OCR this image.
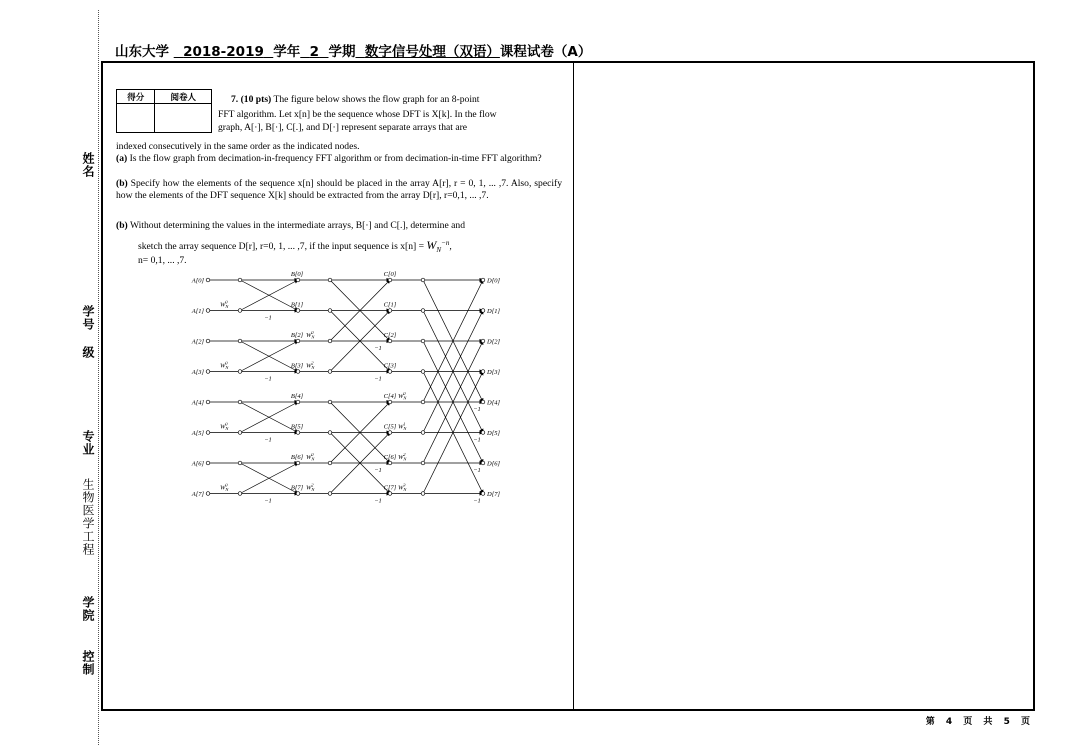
姓名
学号
级
专业
生物医学工程
学院
控制
山东大学 2018-2019 学年 2 学期 数字信号处理（双语）课程试卷（A）
得分	阅卷人
		7. (10 pts) The figure below shows the flow graph for an 8-point
FFT algorithm. Let x[n] be the sequence whose DFT is X[k]. In the flow
graph, A[·], B[·], C[.], and D[·] represent separate arrays that are
indexed consecutively in the same order as the indicated nodes.
(a) Is the flow graph from decimation-in-frequency FFT algorithm or from decimation-in-time FFT algorithm?
(b) Specify how the elements of the sequence x[n] should be placed in the array A[r], r = 0, 1, ... ,7. Also, specify how the elements of the DFT sequence X[k] should be extracted from the array D[r], r=0,1, ... ,7.
(b) Without determining the values in the intermediate arrays, B[·] and C[.], determine and
sketch the array sequence D[r], r=0, 1, ... ,7, if the input sequence is $x[n] = W_N^{-n}$,
n= 0,1, ... ,7.
A[0]
B[0]	C[0]
D[0]
A[1]
B[1]	C[1]
D[1]
$W_N0$
−1
A[2]
B[2]	C[2]
D[2]
$W_N0$
−1
A[3]
B[3]	C[3]
D[3]
$W_N0$	$W_N2$
−1	−1
A[4]
B[4]	C[4]
D[4]
$W_N0$
−1
A[5]
B[5]	C[5]
D[5]
$W_N0$	$W_N1$
−1	−1
A[6]
B[6]	C[6]
D[6]
$W_N0$	$W_N2$
−1	−1
A[7]
B[7]	C[7]
D[7]
$W_N0$	$W_N2$	$W_N3$
−1	−1	−1
第 4 页 共 5 页
